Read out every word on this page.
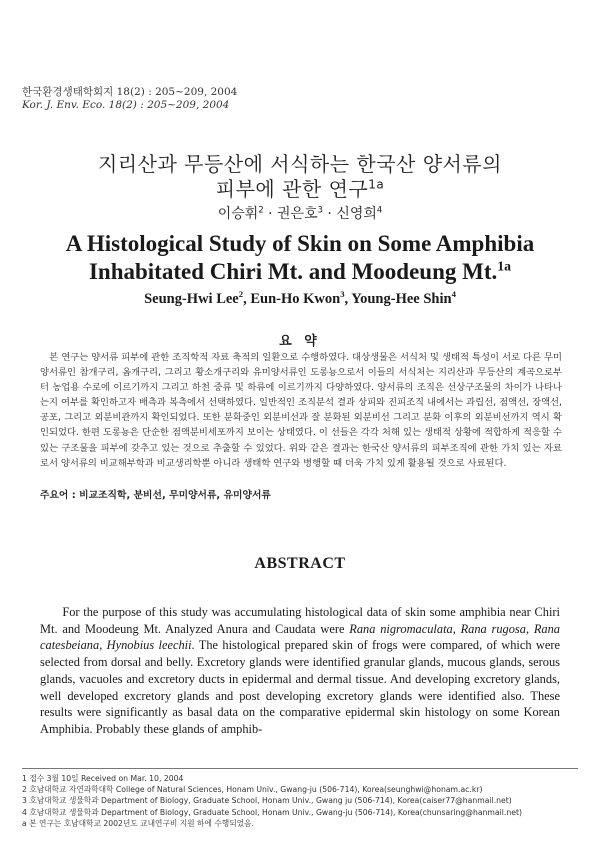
한국환경생태학회지 18(2) : 205~209, 2004
Kor. J. Env. Eco. 18(2) : 205~209, 2004
지리산과 무등산에 서식하는 한국산 양서류의
피부에 관한 연구$^{1a}$
이승휘$^2$ · 권은호$^3$ · 신영희$^4$
A Histological Study of Skin on Some Amphibia
Inhabitated Chiri Mt. and Moodeung Mt.$^{1a}$
Seung-Hwi Lee$^2$, Eun-Ho Kwon$^3$, Young-Hee Shin$^4$
요 약
본 연구는 양서류 피부에 관한 조직학적 자료 축적의 일환으로 수행하였다. 대상생물은 서식처 및 생태적 특성이 서로 다른 무미양서류인 참개구리, 옴개구리, 그리고 황소개구리와 유미양서류인 도롱뇽으로서 이들의 서식처는 지리산과 무등산의 계곡으로부터 농업용 수로에 이르기까지 그리고 하천 중류 및 하류에 이르기까지 다양하였다. 양서류의 조직은 선상구조물의 차이가 나타나는지 여부를 확인하고자 배측과 복측에서 선택하였다. 일반적인 조직분석 결과 상피와 진피조직 내에서는 과립선, 점액선, 장액선, 공포, 그리고 외분비관까지 확인되었다. 또한 분화중인 외분비선과 잘 분화된 외분비선 그리고 분화 이후의 외분비선까지 역시 확인되었다. 한편 도롱뇽은 단순한 점액분비세포까지 보이는 상태였다. 이 선들은 각각 처해 있는 생태적 상황에 적합하게 적응할 수 있는 구조물을 피부에 갖추고 있는 것으로 추출할 수 있었다. 위와 같은 결과는 한국산 양서류의 피부조직에 관한 가치 있는 자료로서 양서류의 비교해부학과 비교생리학뿐 아니라 생태학 연구와 병행할 때 더욱 가치 있게 활용될 것으로 사료된다.
주요어 : 비교조직학, 분비선, 무미양서류, 유미양서류
ABSTRACT
For the purpose of this study was accumulating histological data of skin some amphibia near Chiri Mt. and Moodeung Mt. Analyzed Anura and Caudata were Rana nigromaculata, Rana rugosa, Rana catesbeiana, Hynobius leechii. The histological prepared skin of frogs were compared, of which were selected from dorsal and belly. Excretory glands were identified granular glands, mucous glands, serous glands, vacuoles and excretory ducts in epidermal and dermal tissue. And developing excretory glands, well developed excretory glands and post developing excretory glands were identified also. These results were significantly as basal data on the comparative epidermal skin histology on some Korean Amphibia. Probably these glands of amphib-
1 접수 3월 10일 Received on Mar. 10, 2004
2 호남대학교 자연과학대학 College of Natural Sciences, Honam Univ., Gwang-ju (506-714), Korea(seunghwi@honam.ac.kr)
3 호남대학교 생물학과 Department of Biology, Graduate School, Honam Univ., Gwang ju (506-714), Korea(caiser77@hanmail.net)
4 호남대학교 생물학과 Department of Biology, Graduate School, Honam Univ., Gwang-ju (506-714), Korea(chunsaring@hanmail.net)
a 본 연구는 호남대학교 2002년도 교내연구비 지원 하에 수행되었음.
